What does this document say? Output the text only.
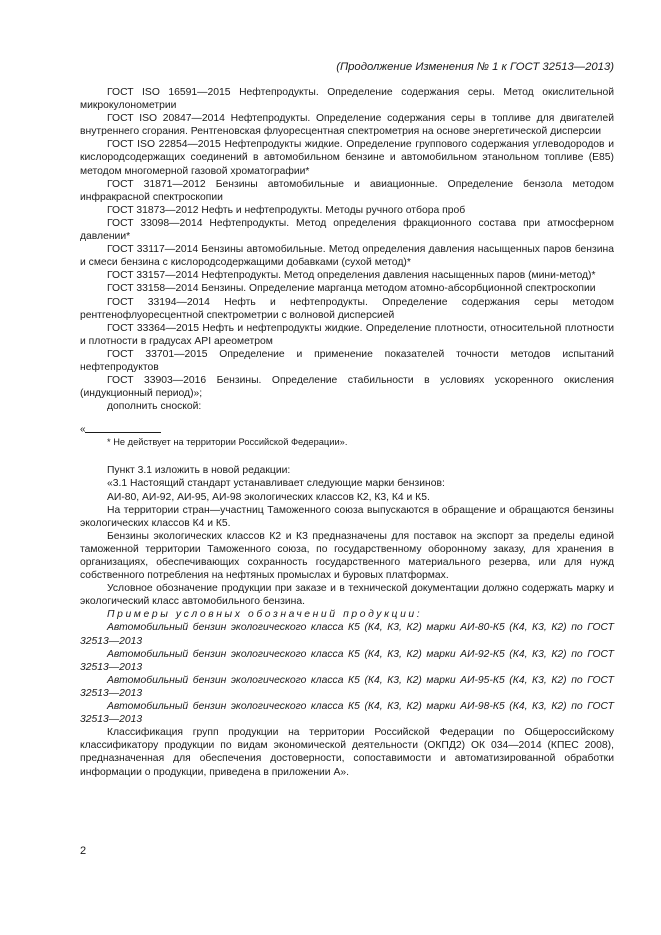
(Продолжение Изменения № 1 к ГОСТ 32513—2013)

ГОСТ ISO 16591—2015 Нефтепродукты. Определение содержания серы. Метод окислительной микрокулонометрии

ГОСТ ISO 20847—2014 Нефтепродукты. Определение содержания серы в топливе для двигателей внутреннего сгорания. Рентгеновская флуоресцентная спектрометрия на основе энергетической дисперсии

ГОСТ ISO 22854—2015 Нефтепродукты жидкие. Определение группового содержания углеводородов и кислородсодержащих соединений в автомобильном бензине и автомобильном этанольном топливе (Е85) методом многомерной газовой хроматографии*

ГОСТ 31871—2012 Бензины автомобильные и авиационные. Определение бензола методом инфракрасной спектроскопии

ГОСТ 31873—2012 Нефть и нефтепродукты. Методы ручного отбора проб

ГОСТ 33098—2014 Нефтепродукты. Метод определения фракционного состава при атмосферном давлении*

ГОСТ 33117—2014 Бензины автомобильные. Метод определения давления насыщенных паров бензина и смеси бензина с кислородсодержащими добавками (сухой метод)*

ГОСТ 33157—2014 Нефтепродукты. Метод определения давления насыщенных паров (мини-метод)*

ГОСТ 33158—2014 Бензины. Определение марганца методом атомно-абсорбционной спектроскопии

ГОСТ 33194—2014 Нефть и нефтепродукты. Определение содержания серы методом рентгенофлуоресцентной спектрометрии с волновой дисперсией

ГОСТ 33364—2015 Нефть и нефтепродукты жидкие. Определение плотности, относительной плотности и плотности в градусах API ареометром

ГОСТ 33701—2015 Определение и применение показателей точности методов испытаний нефтепродуктов

ГОСТ 33903—2016 Бензины. Определение стабильности в условиях ускоренного окисления (индукционный период)»;

дополнить сноской:

«

* Не действует на территории Российской Федерации».

Пункт 3.1 изложить в новой редакции:

«3.1 Настоящий стандарт устанавливает следующие марки бензинов:

АИ-80, АИ-92, АИ-95, АИ-98 экологических классов К2, К3, К4 и К5.

На территории стран—участниц Таможенного союза выпускаются в обращение и обращаются бензины экологических классов К4 и К5.

Бензины экологических классов К2 и К3 предназначены для поставок на экспорт за пределы единой таможенной территории Таможенного союза, по государственному оборонному заказу, для хранения в организациях, обеспечивающих сохранность государственного материального резерва, или для нужд собственного потребления на нефтяных промыслах и буровых платформах.

Условное обозначение продукции при заказе и в технической документации должно содержать марку и экологический класс автомобильного бензина.

Примеры условных обозначений продукции:

Автомобильный бензин экологического класса К5 (К4, К3, К2) марки АИ-80-К5 (К4, К3, К2) по ГОСТ 32513—2013

Автомобильный бензин экологического класса К5 (К4, К3, К2) марки АИ-92-К5 (К4, К3, К2) по ГОСТ 32513—2013

Автомобильный бензин экологического класса К5 (К4, К3, К2) марки АИ-95-К5 (К4, К3, К2) по ГОСТ 32513—2013

Автомобильный бензин экологического класса К5 (К4, К3, К2) марки АИ-98-К5 (К4, К3, К2) по ГОСТ 32513—2013

Классификация групп продукции на территории Российской Федерации по Общероссийскому классификатору продукции по видам экономической деятельности (ОКПД2) ОК 034—2014 (КПЕС 2008), предназначенная для обеспечения достоверности, сопоставимости и автоматизированной обработки информации о продукции, приведена в приложении А».

2
